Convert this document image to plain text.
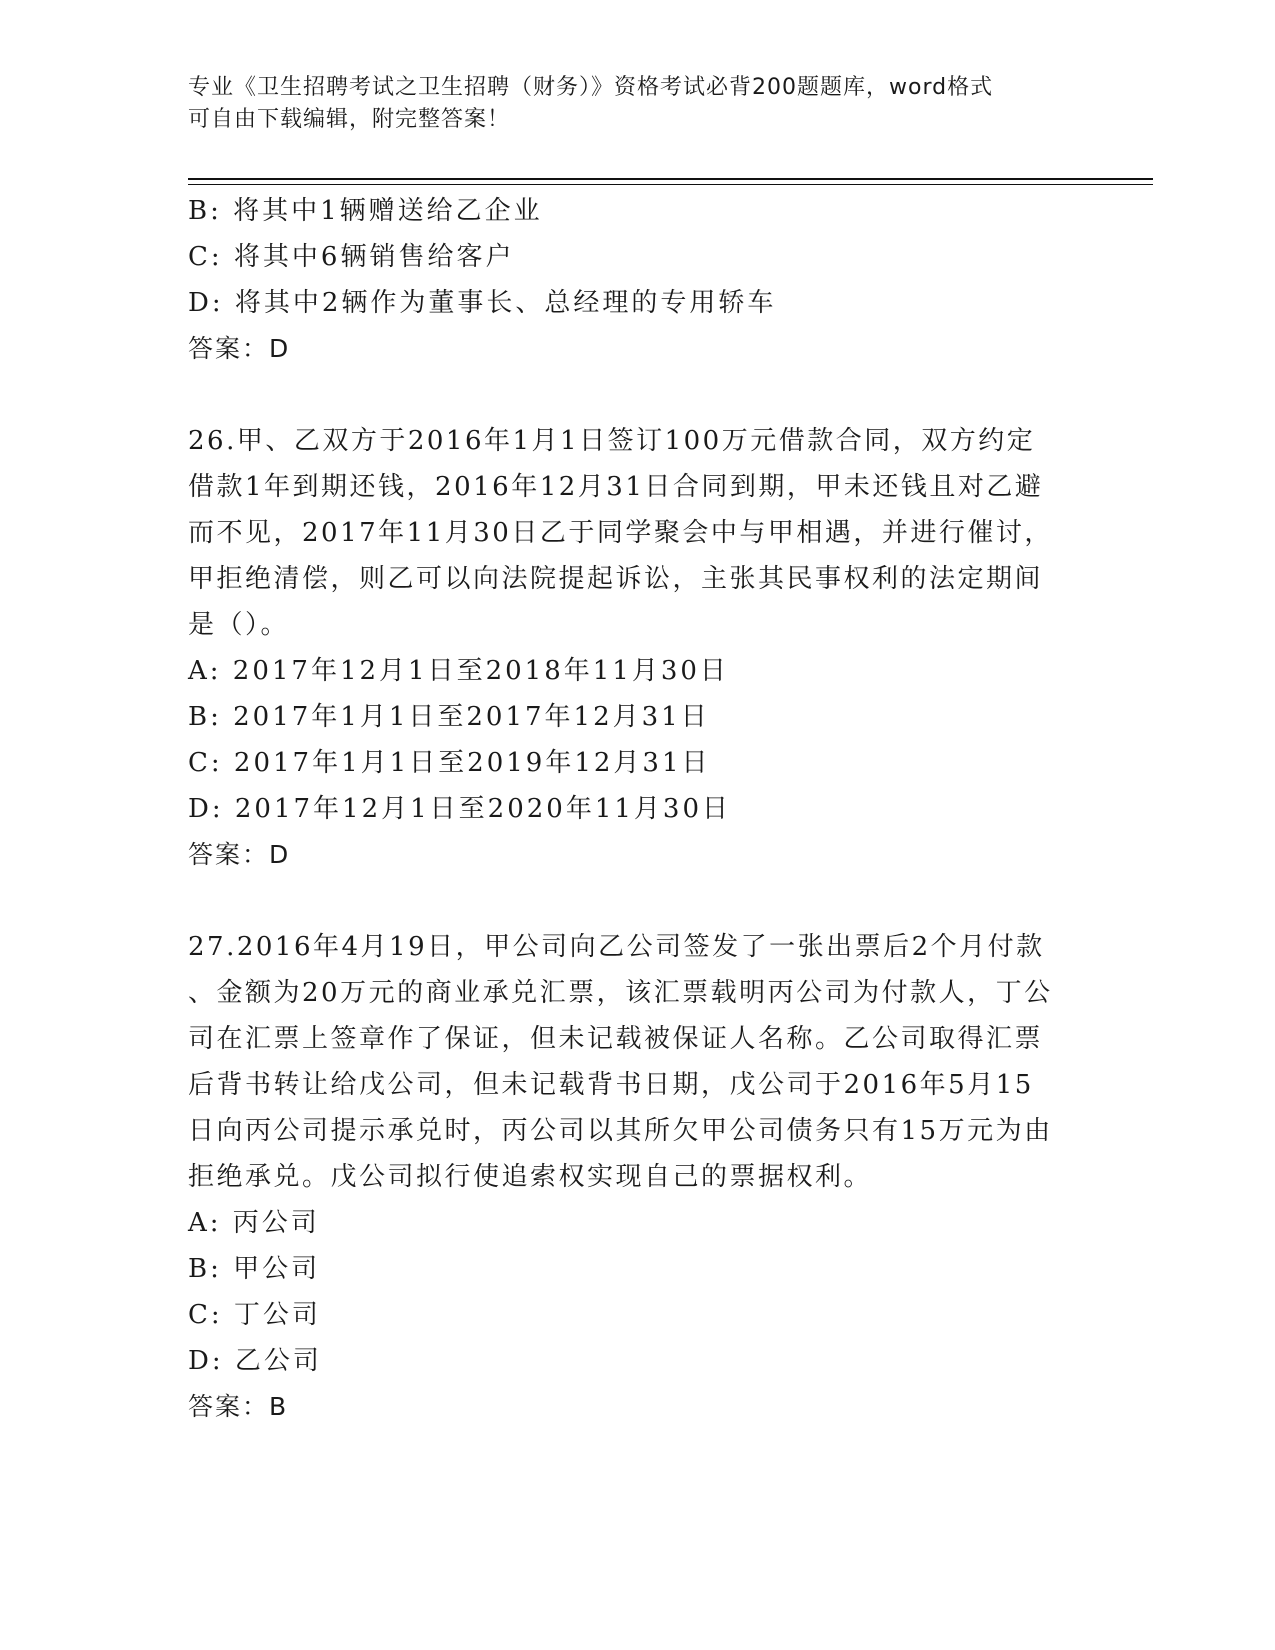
专业《卫生招聘考试之卫生招聘（财务）》资格考试必背200题题库，word格式
可自由下载编辑，附完整答案！
B: 将其中1辆赠送给乙企业
C: 将其中6辆销售给客户
D: 将其中2辆作为董事长、总经理的专用轿车
答案：D
26.甲、乙双方于2016年1月1日签订100万元借款合同，双方约定
借款1年到期还钱，2016年12月31日合同到期，甲未还钱且对乙避
而不见，2017年11月30日乙于同学聚会中与甲相遇，并进行催讨，
甲拒绝清偿，则乙可以向法院提起诉讼，主张其民事权利的法定期间
是（）。
A: 2017年12月1日至2018年11月30日
B: 2017年1月1日至2017年12月31日
C: 2017年1月1日至2019年12月31日
D: 2017年12月1日至2020年11月30日
答案：D
27.2016年4月19日，甲公司向乙公司签发了一张出票后2个月付款
、金额为20万元的商业承兑汇票，该汇票载明丙公司为付款人，丁公
司在汇票上签章作了保证，但未记载被保证人名称。乙公司取得汇票
后背书转让给戊公司，但未记载背书日期，戊公司于2016年5月15
日向丙公司提示承兑时，丙公司以其所欠甲公司债务只有15万元为由
拒绝承兑。戊公司拟行使追索权实现自己的票据权利。
A: 丙公司
B: 甲公司
C: 丁公司
D: 乙公司
答案：B
